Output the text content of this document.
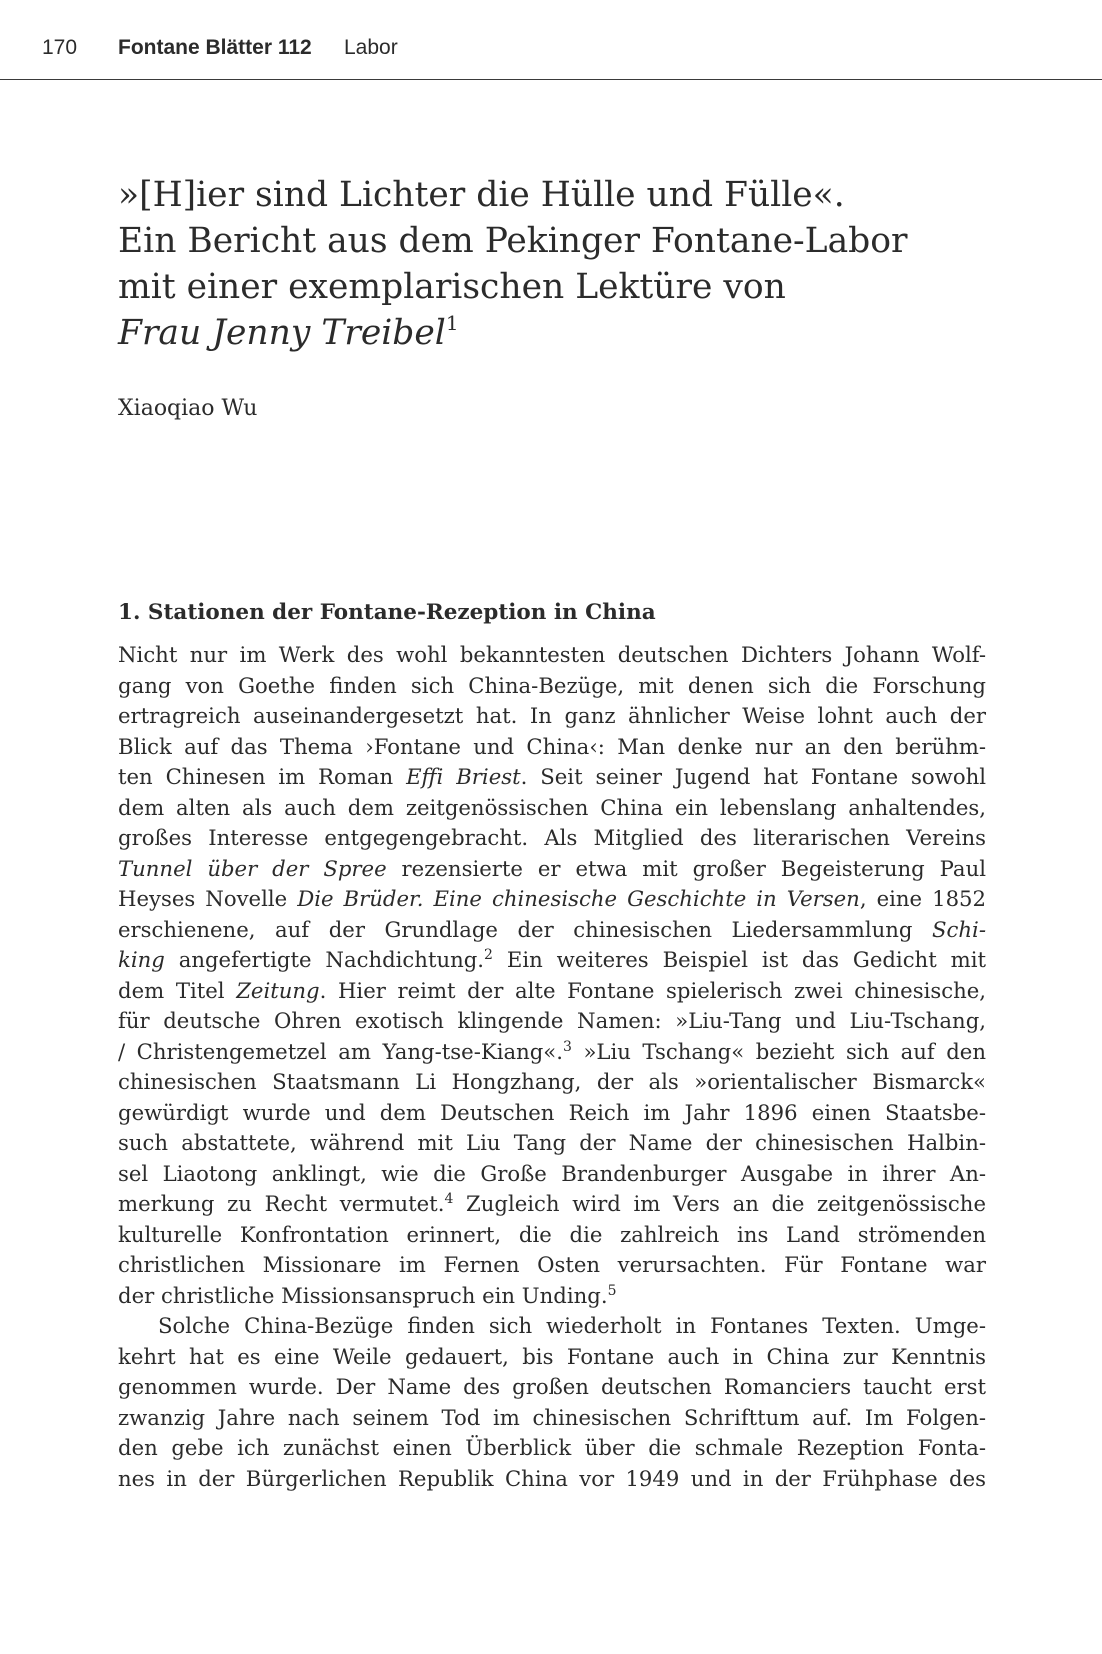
170 Fontane Blätter 112 Labor
»[H]ier sind Lichter die Hülle und Fülle«.
Ein Bericht aus dem Pekinger Fontane-Labor
mit einer exemplarischen Lektüre von
Frau Jenny Treibel$^1$
Xiaoqiao Wu
1. Stationen der Fontane-Rezeption in China
Nicht nur im Werk des wohl bekanntesten deutschen Dichters Johann Wolf-
gang von Goethe finden sich China-Bezüge, mit denen sich die Forschung
ertragreich auseinandergesetzt hat. In ganz ähnlicher Weise lohnt auch der
Blick auf das Thema ›Fontane und China‹: Man denke nur an den berühm-
ten Chinesen im Roman Effi Briest. Seit seiner Jugend hat Fontane sowohl
dem alten als auch dem zeitgenössischen China ein lebenslang anhaltendes,
großes Interesse entgegengebracht. Als Mitglied des literarischen Vereins
Tunnel über der Spree rezensierte er etwa mit großer Begeisterung Paul
Heyses Novelle Die Brüder. Eine chinesische Geschichte in Versen, eine 1852
erschienene, auf der Grundlage der chinesischen Liedersammlung Schi-
king angefertigte Nachdichtung.$^2$ Ein weiteres Beispiel ist das Gedicht mit
dem Titel Zeitung. Hier reimt der alte Fontane spielerisch zwei chinesische,
für deutsche Ohren exotisch klingende Namen: »Liu-Tang und Liu-Tschang,
/ Christengemetzel am Yang-tse-Kiang«.$^3$ »Liu Tschang« bezieht sich auf den
chinesischen Staatsmann Li Hongzhang, der als »orientalischer Bismarck«
gewürdigt wurde und dem Deutschen Reich im Jahr 1896 einen Staatsbe-
such abstattete, während mit Liu Tang der Name der chinesischen Halbin-
sel Liaotong anklingt, wie die Große Brandenburger Ausgabe in ihrer An-
merkung zu Recht vermutet.$^4$ Zugleich wird im Vers an die zeitgenössische
kulturelle Konfrontation erinnert, die die zahlreich ins Land strömenden
christlichen Missionare im Fernen Osten verursachten. Für Fontane war
der christliche Missionsanspruch ein Unding.$^5$
Solche China-Bezüge finden sich wiederholt in Fontanes Texten. Umge-
kehrt hat es eine Weile gedauert, bis Fontane auch in China zur Kenntnis
genommen wurde. Der Name des großen deutschen Romanciers taucht erst
zwanzig Jahre nach seinem Tod im chinesischen Schrifttum auf. Im Folgen-
den gebe ich zunächst einen Überblick über die schmale Rezeption Fonta-
nes in der Bürgerlichen Republik China vor 1949 und in der Frühphase des
